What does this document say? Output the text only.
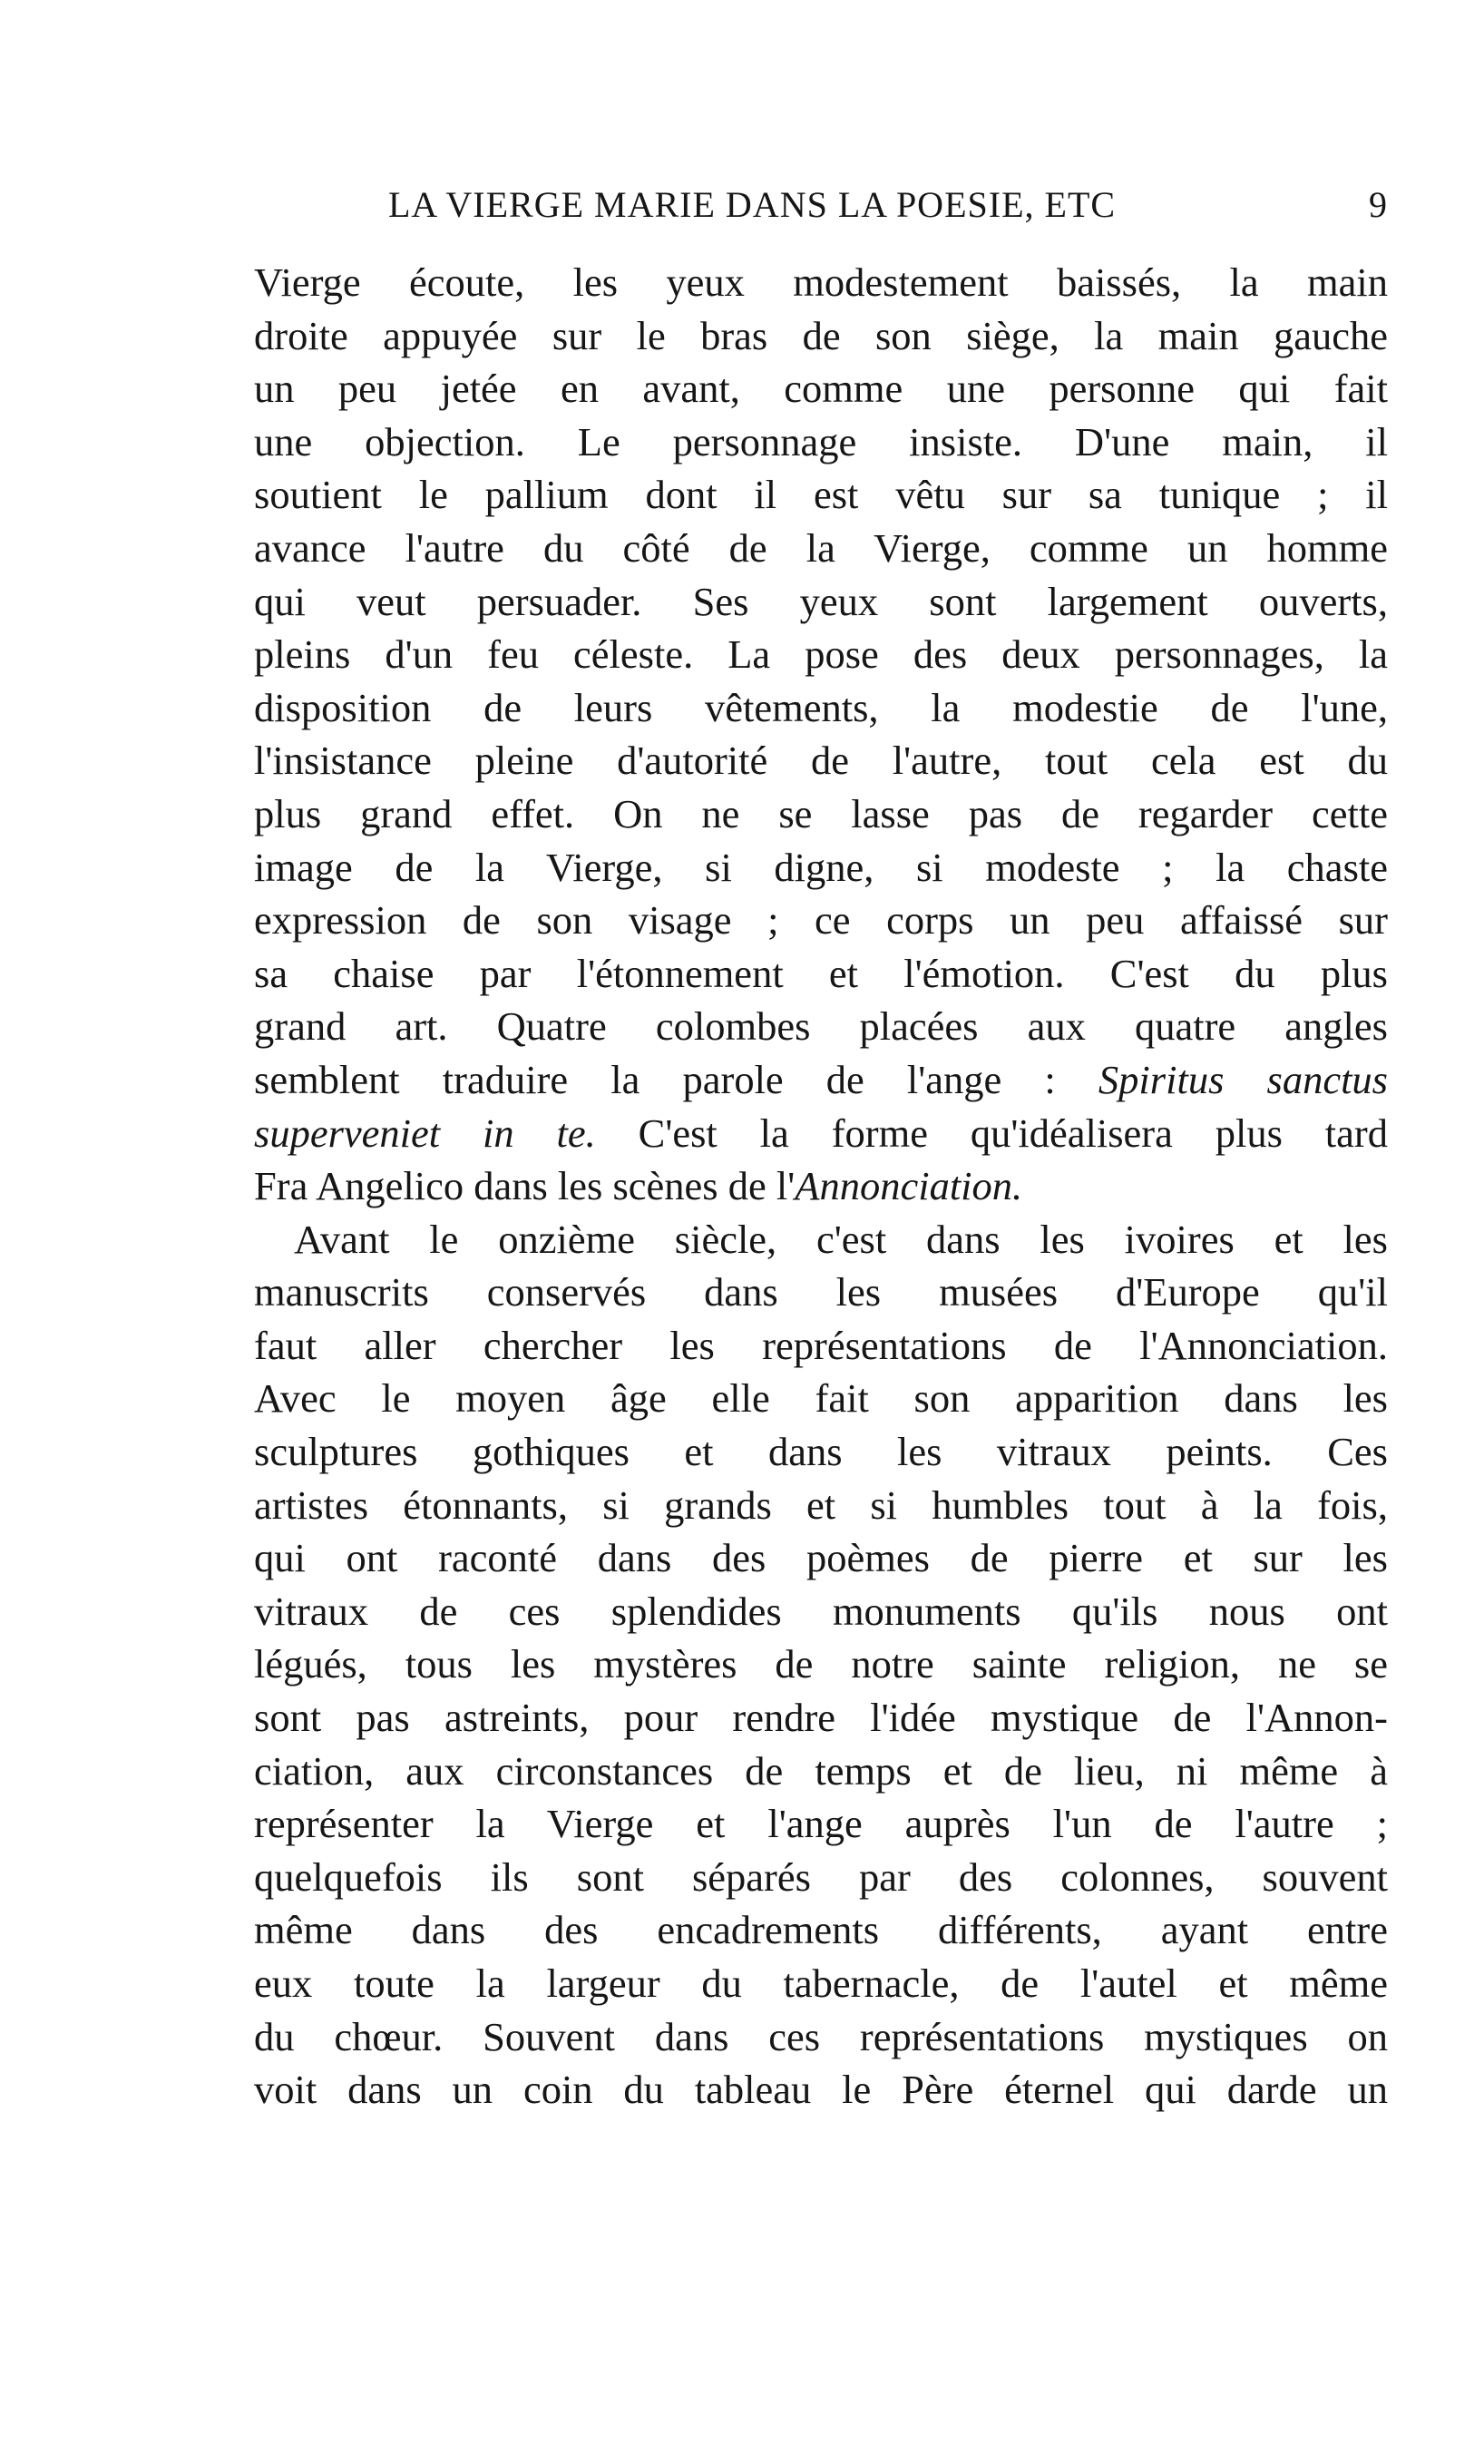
LA VIERGE MARIE DANS LA POESIE, ETC	9
Vierge écoute, les yeux modestement baissés, la main
droite appuyée sur le bras de son siège, la main gauche
un peu jetée en avant, comme une personne qui fait
une objection. Le personnage insiste. D'une main, il
soutient le pallium dont il est vêtu sur sa tunique ; il
avance l'autre du côté de la Vierge, comme un homme
qui veut persuader. Ses yeux sont largement ouverts,
pleins d'un feu céleste. La pose des deux personnages, la
disposition de leurs vêtements, la modestie de l'une,
l'insistance pleine d'autorité de l'autre, tout cela est du
plus grand effet. On ne se lasse pas de regarder cette
image de la Vierge, si digne, si modeste ; la chaste
expression de son visage ; ce corps un peu affaissé sur
sa chaise par l'étonnement et l'émotion. C'est du plus
grand art. Quatre colombes placées aux quatre angles
semblent traduire la parole de l'ange : Spiritus sanctus
superveniet in te. C'est la forme qu'idéalisera plus tard
Fra Angelico dans les scènes de l'Annonciation.
Avant le onzième siècle, c'est dans les ivoires et les
manuscrits conservés dans les musées d'Europe qu'il
faut aller chercher les représentations de l'Annonciation.
Avec le moyen âge elle fait son apparition dans les
sculptures gothiques et dans les vitraux peints. Ces
artistes étonnants, si grands et si humbles tout à la fois,
qui ont raconté dans des poèmes de pierre et sur les
vitraux de ces splendides monuments qu'ils nous ont
légués, tous les mystères de notre sainte religion, ne se
sont pas astreints, pour rendre l'idée mystique de l'Annon-
ciation, aux circonstances de temps et de lieu, ni même à
représenter la Vierge et l'ange auprès l'un de l'autre ;
quelquefois ils sont séparés par des colonnes, souvent
même dans des encadrements différents, ayant entre
eux toute la largeur du tabernacle, de l'autel et même
du chœur. Souvent dans ces représentations mystiques on
voit dans un coin du tableau le Père éternel qui darde un
